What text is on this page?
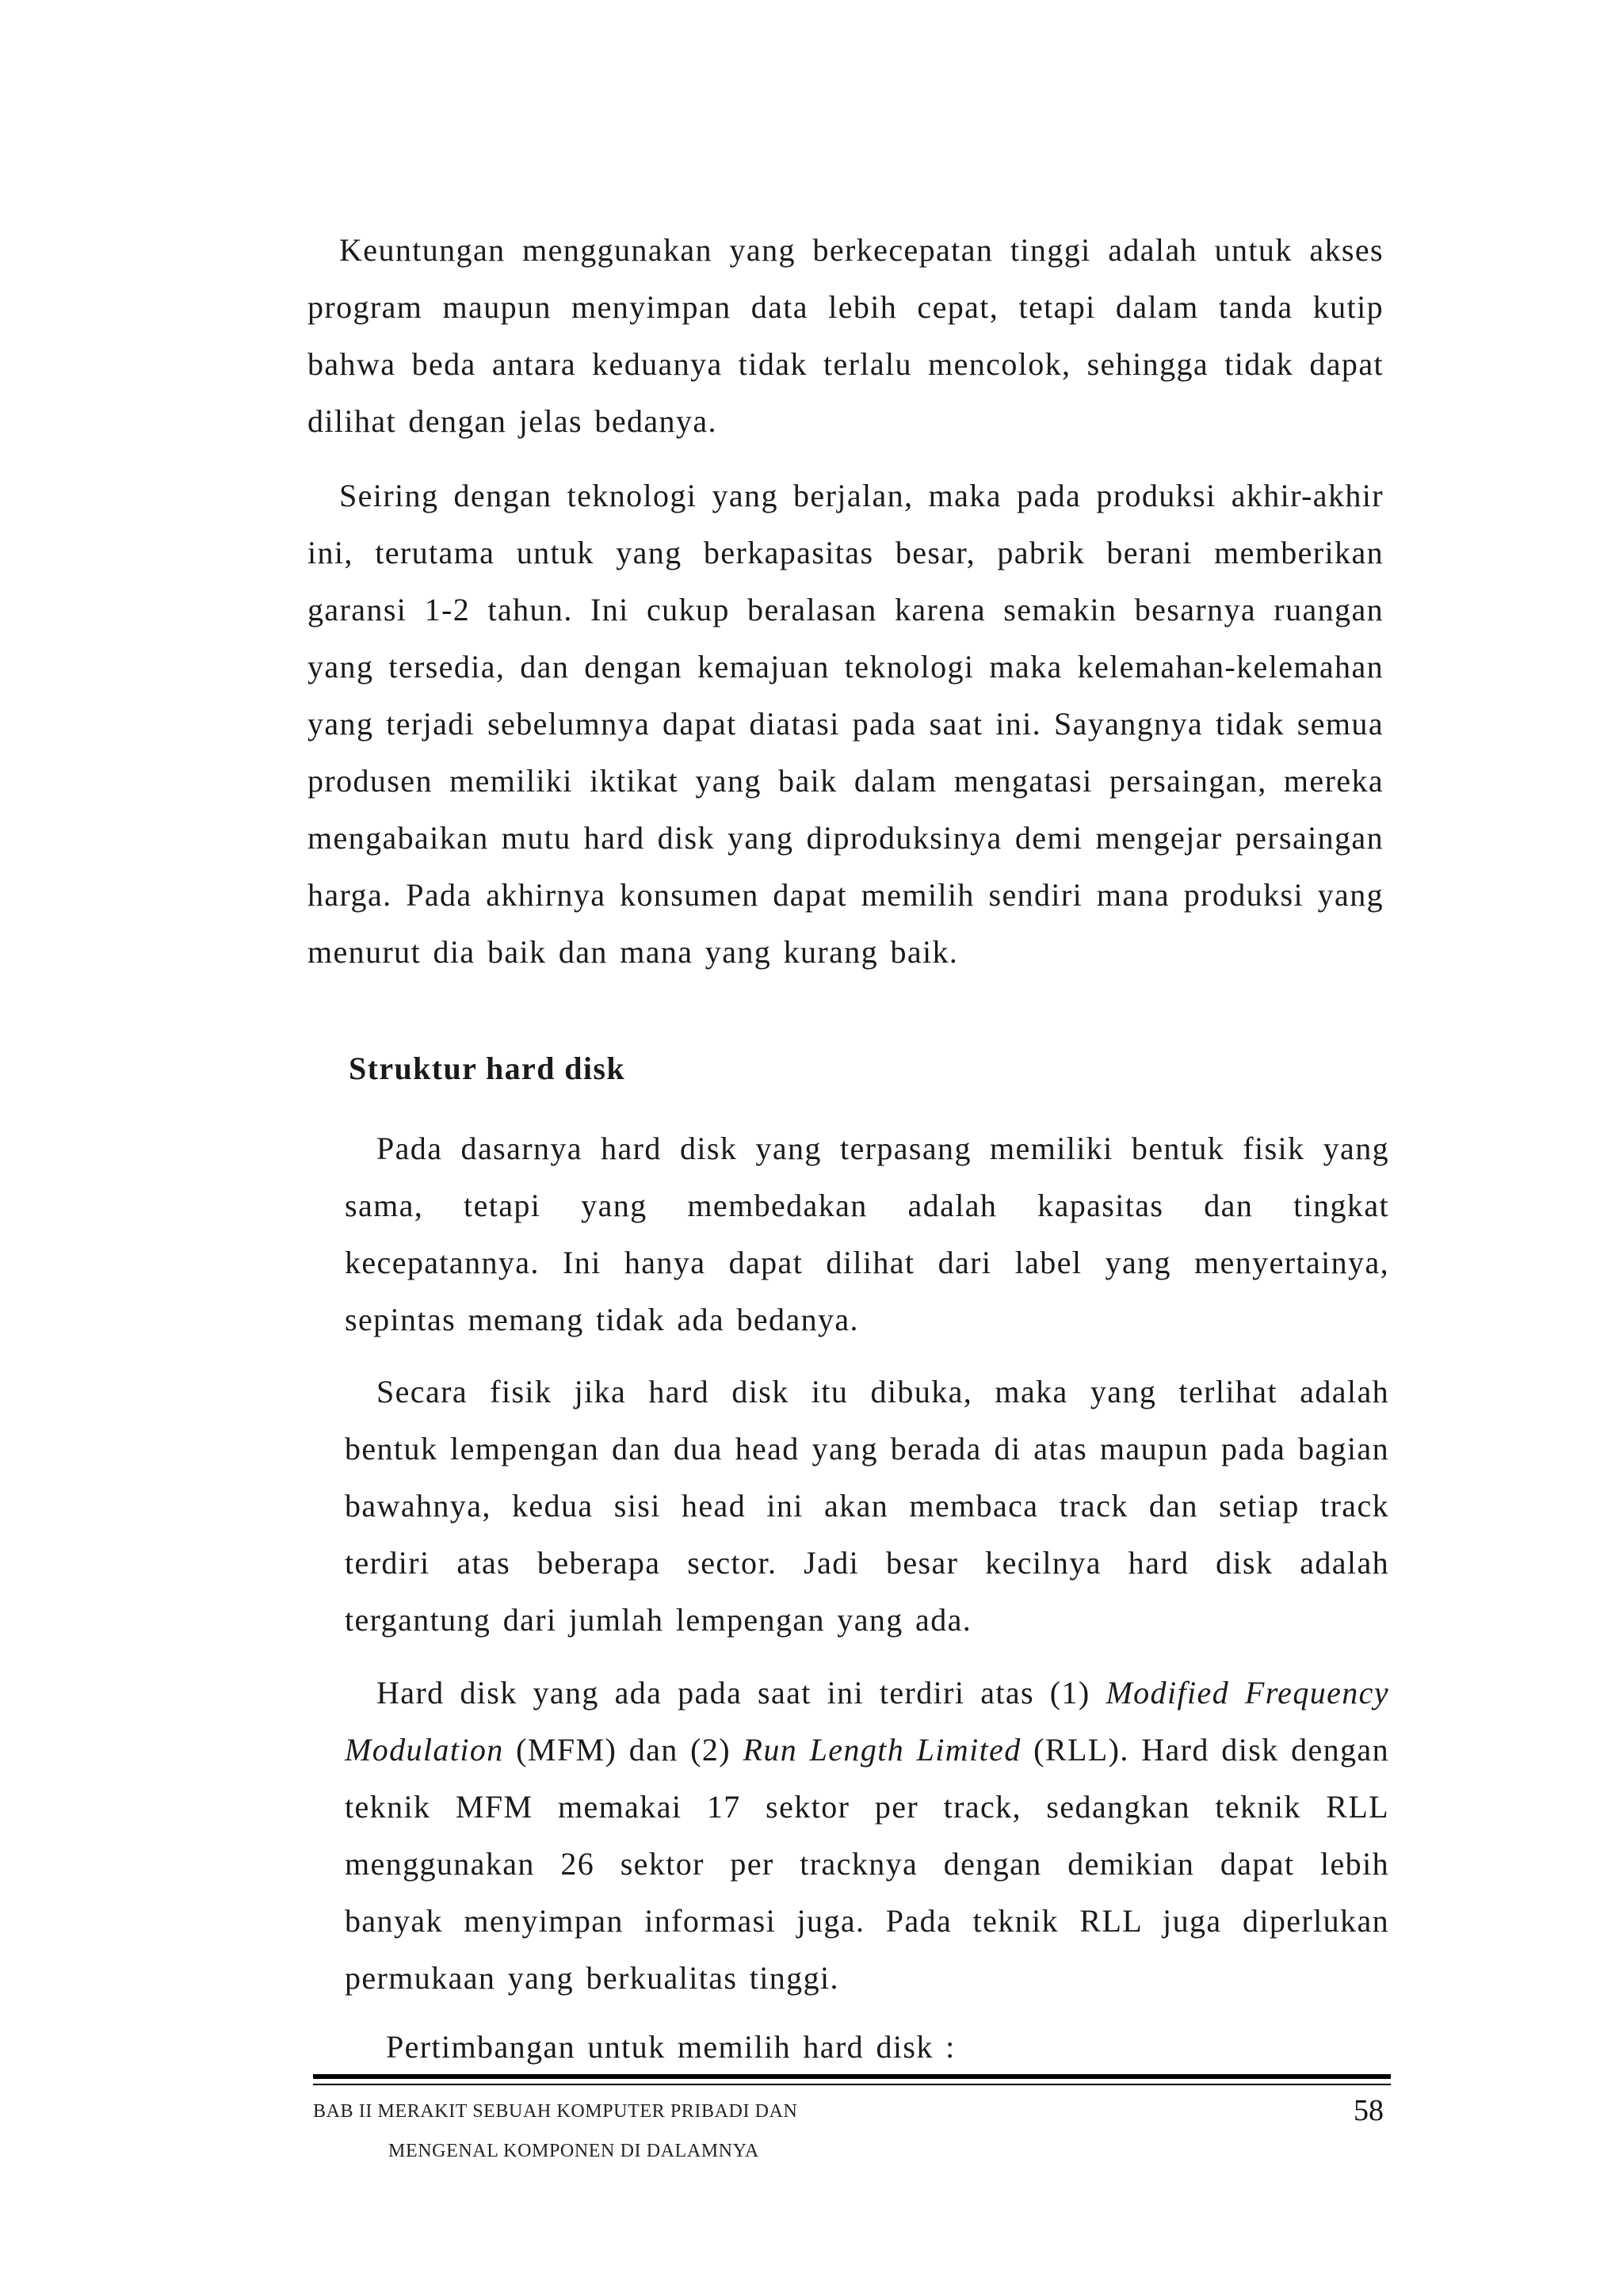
Keuntungan menggunakan yang berkecepatan tinggi adalah untuk akses program maupun menyimpan data lebih cepat, tetapi dalam tanda kutip bahwa beda antara keduanya tidak terlalu mencolok, sehingga tidak dapat dilihat dengan jelas bedanya.

Seiring dengan teknologi yang berjalan, maka pada produksi akhir-akhir ini, terutama untuk yang berkapasitas besar, pabrik berani memberikan garansi 1-2 tahun. Ini cukup beralasan karena semakin besarnya ruangan yang tersedia, dan dengan kemajuan teknologi maka kelemahan-kelemahan yang terjadi sebelumnya dapat diatasi pada saat ini. Sayangnya tidak semua produsen memiliki iktikat yang baik dalam mengatasi persaingan, mereka mengabaikan mutu hard disk yang diproduksinya demi mengejar persaingan harga. Pada akhirnya konsumen dapat memilih sendiri mana produksi yang menurut dia baik dan mana yang kurang baik.

Struktur hard disk

Pada dasarnya hard disk yang terpasang memiliki bentuk fisik yang sama, tetapi yang membedakan adalah kapasitas dan tingkat kecepatannya. Ini hanya dapat dilihat dari label yang menyertainya, sepintas memang tidak ada bedanya.

Secara fisik jika hard disk itu dibuka, maka yang terlihat adalah bentuk lempengan dan dua head yang berada di atas maupun pada bagian bawahnya, kedua sisi head ini akan membaca track dan setiap track terdiri atas beberapa sector. Jadi besar kecilnya hard disk adalah tergantung dari jumlah lempengan yang ada.

Hard disk yang ada pada saat ini terdiri atas (1) Modified Frequency Modulation (MFM) dan (2) Run Length Limited (RLL). Hard disk dengan teknik MFM memakai 17 sektor per track, sedangkan teknik RLL menggunakan 26 sektor per tracknya dengan demikian dapat lebih banyak menyimpan informasi juga. Pada teknik RLL juga diperlukan permukaan yang berkualitas tinggi.

Pertimbangan untuk memilih hard disk :

BAB II MERAKIT SEBUAH KOMPUTER PRIBADI DAN
MENGENAL KOMPONEN DI DALAMNYA
58
